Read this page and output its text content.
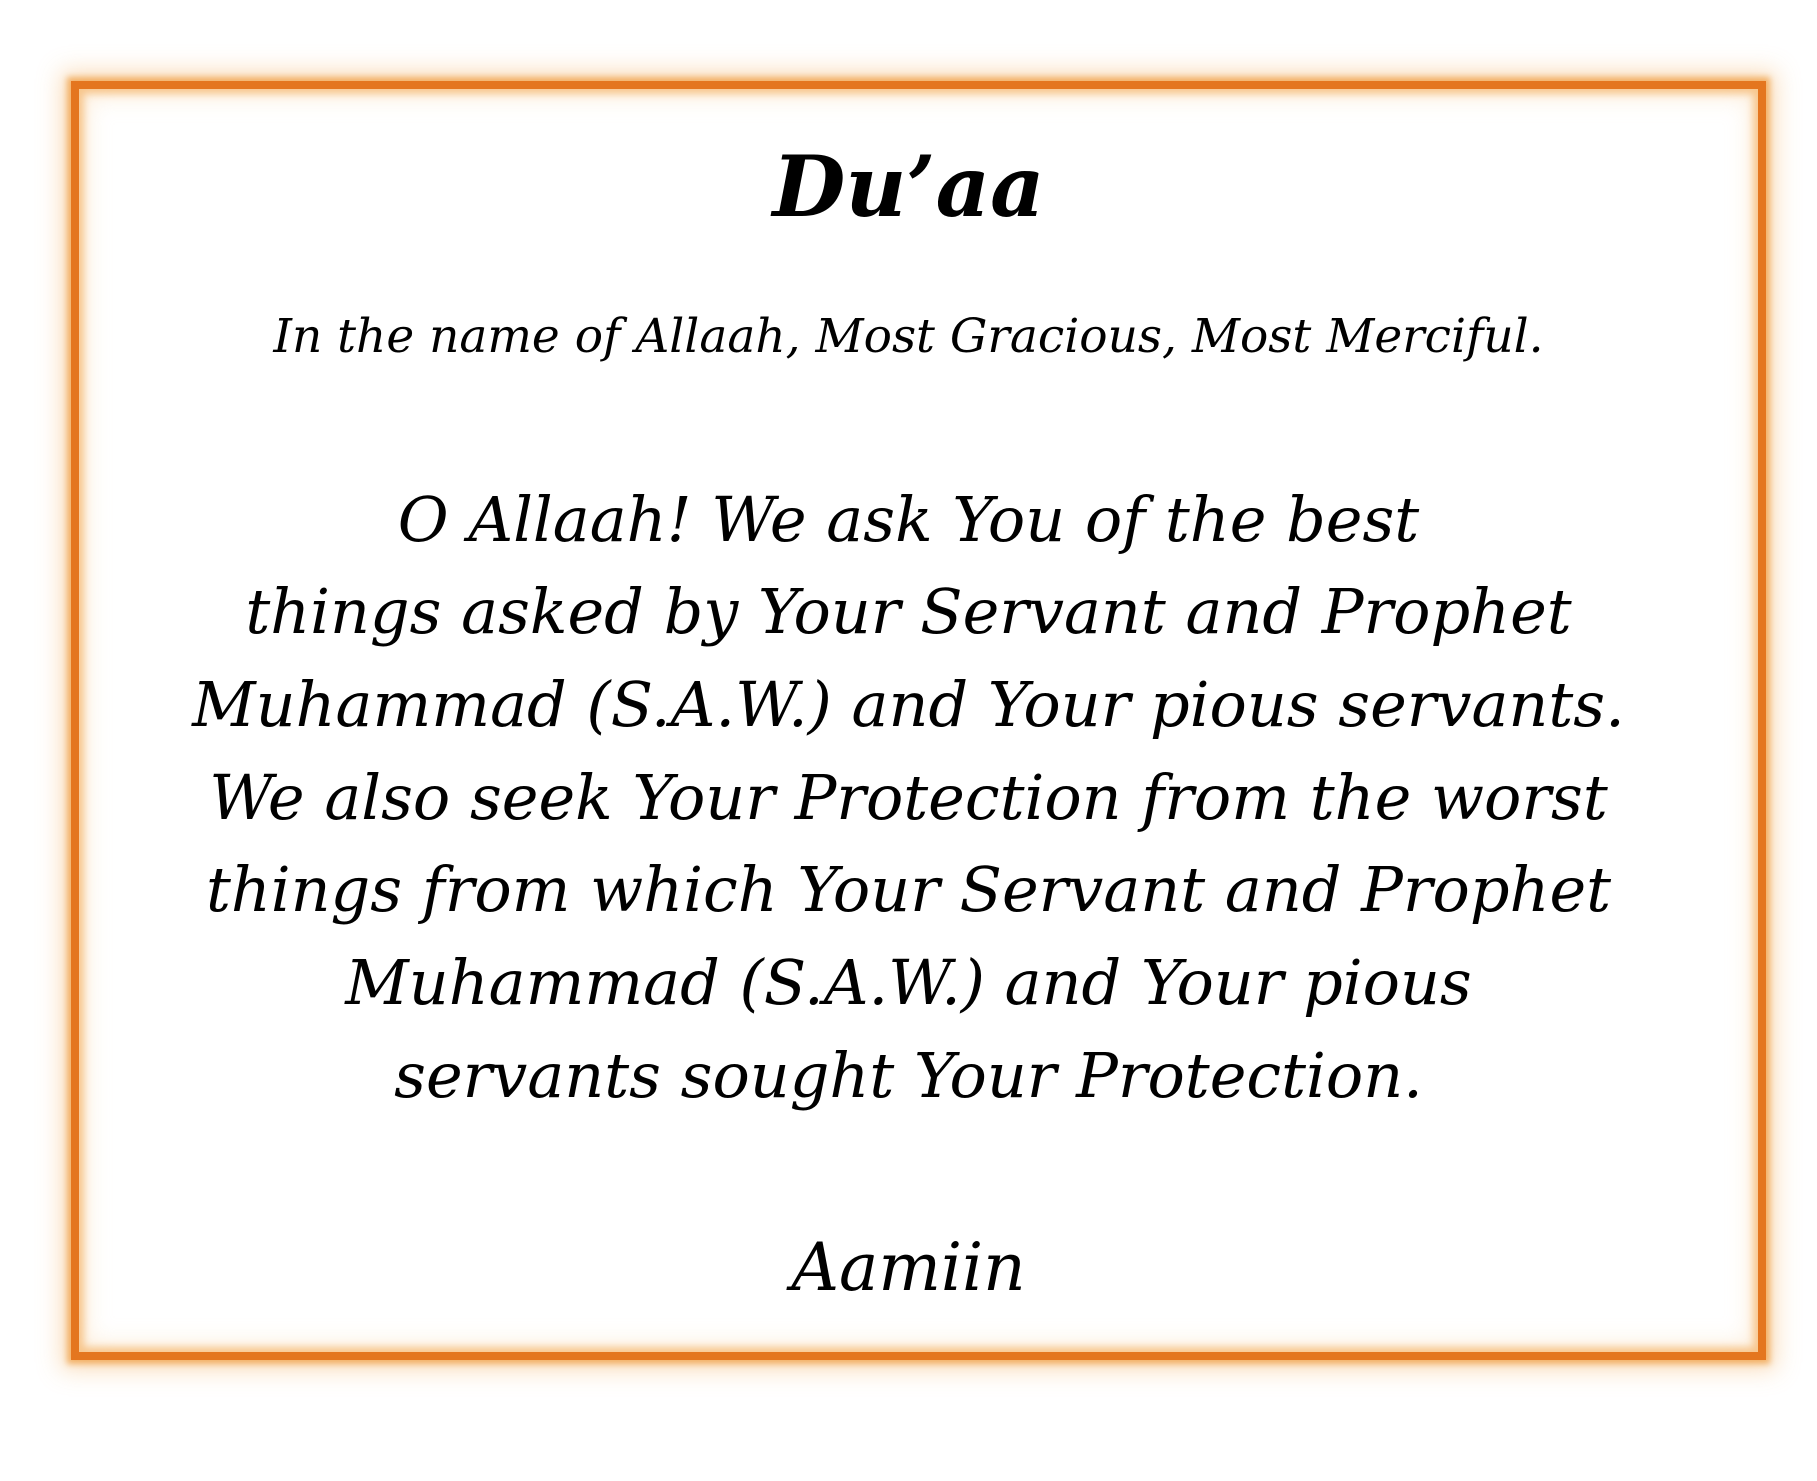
Du’aa
In the name of Allaah, Most Gracious, Most Merciful.
O Allaah! We ask You of the best
things asked by Your Servant and Prophet
Muhammad (S.A.W.) and Your pious servants.
We also seek Your Protection from the worst
things from which Your Servant and Prophet
Muhammad (S.A.W.) and Your pious
servants sought Your Protection.
Aamiin
